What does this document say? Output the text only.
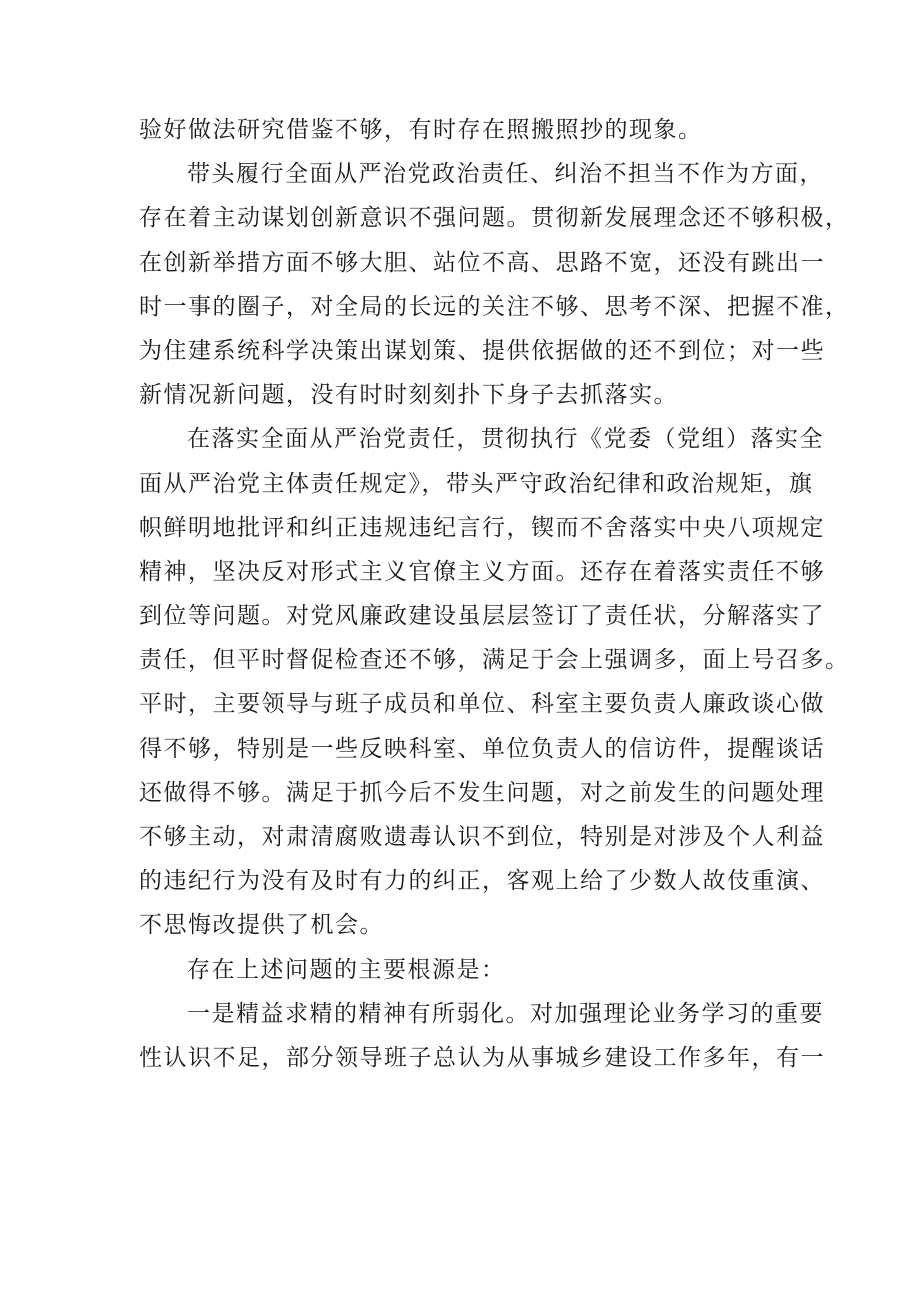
验好做法研究借鉴不够，有时存在照搬照抄的现象。
带头履行全面从严治党政治责任、纠治不担当不作为方面，
存在着主动谋划创新意识不强问题。贯彻新发展理念还不够积极，
在创新举措方面不够大胆、站位不高、思路不宽，还没有跳出一
时一事的圈子，对全局的长远的关注不够、思考不深、把握不准，
为住建系统科学决策出谋划策、提供依据做的还不到位；对一些
新情况新问题，没有时时刻刻扑下身子去抓落实。
在落实全面从严治党责任，贯彻执行《党委（党组）落实全
面从严治党主体责任规定》，带头严守政治纪律和政治规矩，旗
帜鲜明地批评和纠正违规违纪言行，锲而不舍落实中央八项规定
精神，坚决反对形式主义官僚主义方面。还存在着落实责任不够
到位等问题。对党风廉政建设虽层层签订了责任状，分解落实了
责任，但平时督促检查还不够，满足于会上强调多，面上号召多。
平时，主要领导与班子成员和单位、科室主要负责人廉政谈心做
得不够，特别是一些反映科室、单位负责人的信访件，提醒谈话
还做得不够。满足于抓今后不发生问题，对之前发生的问题处理
不够主动，对肃清腐败遗毒认识不到位，特别是对涉及个人利益
的违纪行为没有及时有力的纠正，客观上给了少数人故伎重演、
不思悔改提供了机会。
存在上述问题的主要根源是：
一是精益求精的精神有所弱化。对加强理论业务学习的重要
性认识不足，部分领导班子总认为从事城乡建设工作多年，有一
